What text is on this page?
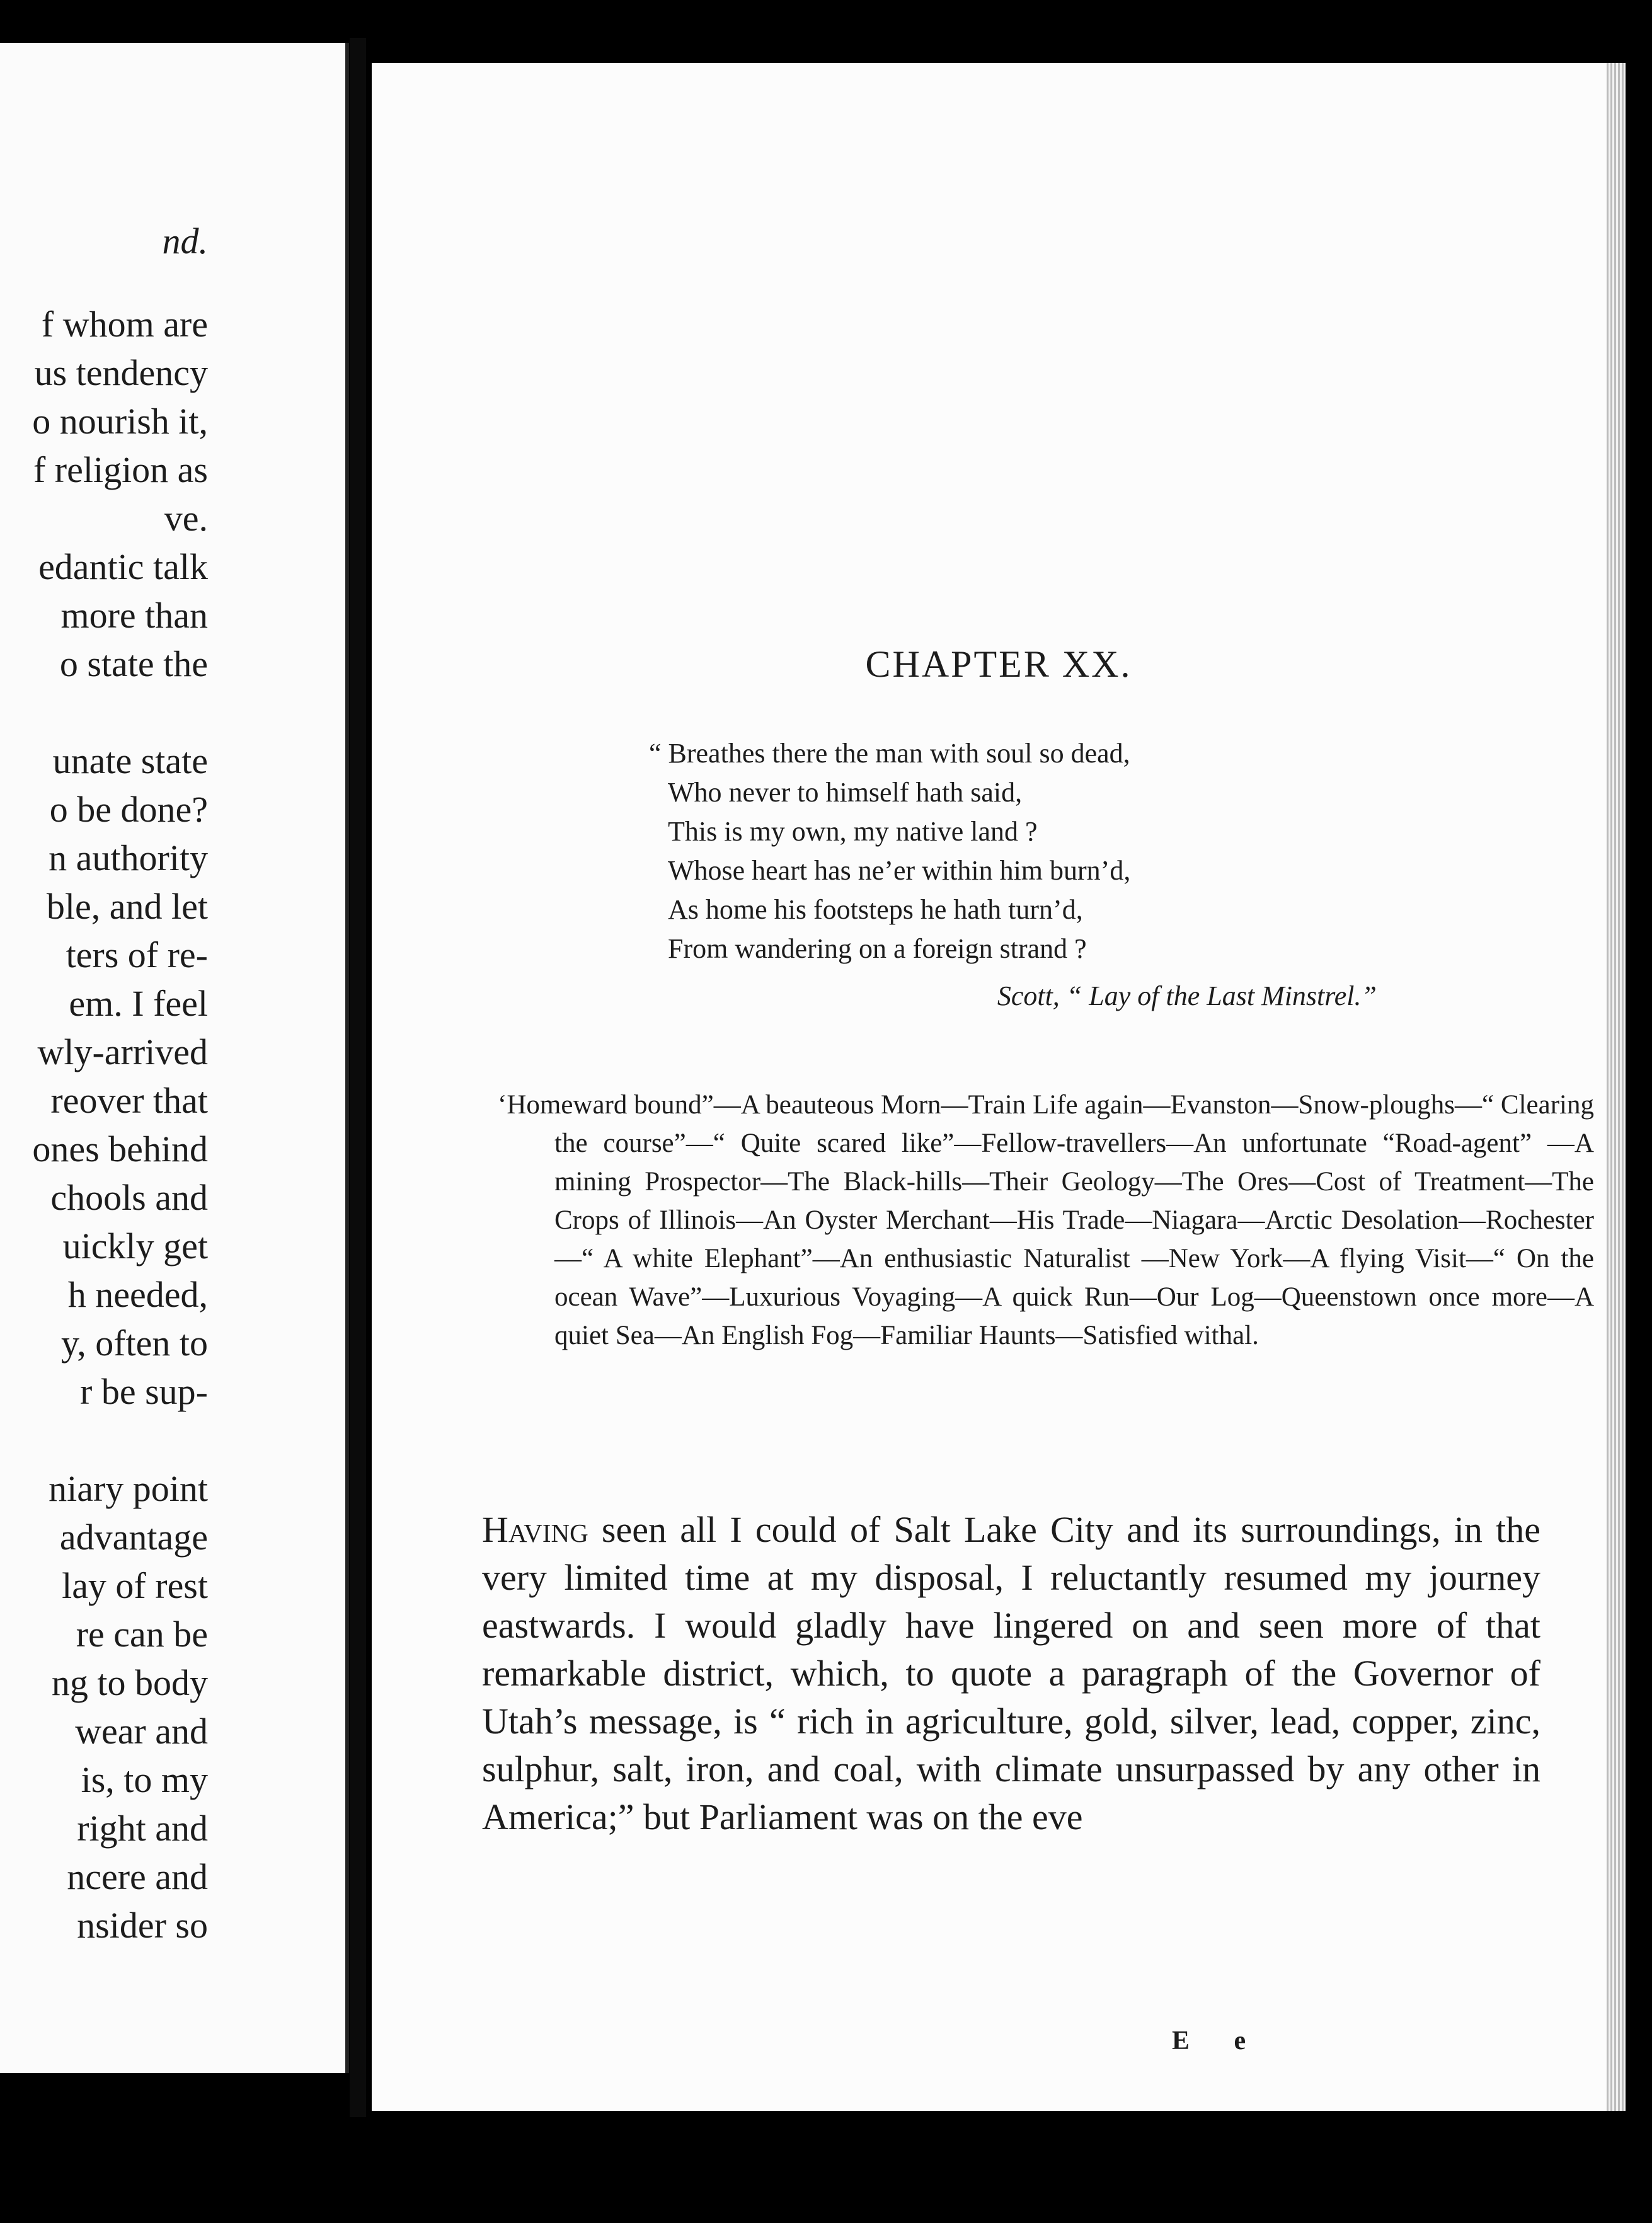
nd.
f whom are
us tendency
o nourish it,
f religion as
ve.
edantic talk
more than
o state the
unate state
o be done?
n authority
ble, and let
ters of re-
em. I feel
wly-arrived
reover that
ones behind
chools and
uickly get
h needed,
y, often to
r be sup-
niary point
advantage
lay of rest
re can be
ng to body
wear and
is, to my
right and
ncere and
nsider so
CHAPTER XX.
“ Breathes there the man with soul so dead,
Who never to himself hath said,
This is my own, my native land ?
Whose heart has ne’er within him burn’d,
As home his footsteps he hath turn’d,
From wandering on a foreign strand ?
Scott, “ Lay of the Last Minstrel.”
‘Homeward bound”—A beauteous Morn—Train Life again—Evanston—Snow-ploughs—“ Clearing the course”—“ Quite scared like”—Fellow-travellers—An unfortunate “Road-agent” —A mining Prospector—The Black-hills—Their Geology—The Ores—Cost of Treatment—The Crops of Illinois—An Oyster Merchant—His Trade—Niagara—Arctic Desolation—Rochester—“ A white Elephant”—An enthusiastic Naturalist —New York—A flying Visit—“ On the ocean Wave”—Luxurious Voyaging—A quick Run—Our Log—Queenstown once more—A quiet Sea—An English Fog—Familiar Haunts—Satisfied withal.
Having seen all I could of Salt Lake City and its surroundings, in the very limited time at my disposal, I reluctantly resumed my journey eastwards. I would gladly have lingered on and seen more of that remarkable district, which, to quote a paragraph of the Governor of Utah’s message, is “ rich in agriculture, gold, silver, lead, copper, zinc, sulphur, salt, iron, and coal, with climate unsurpassed by any other in America;” but Parliament was on the eve
E e
